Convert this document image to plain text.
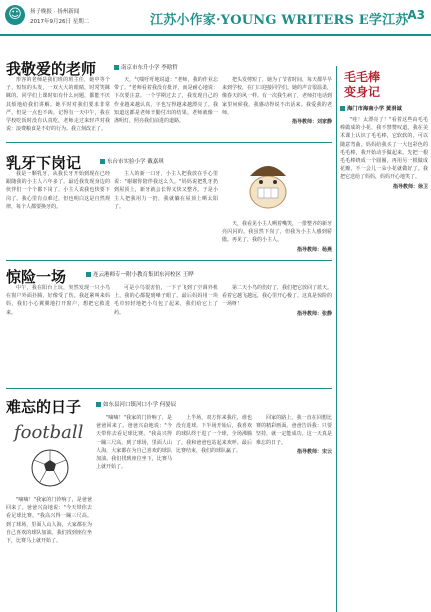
☺	扬子晚报 · 扬州新闻
2017年9月26日 星期二	江苏小作家·YOUNG WRITERS E学江苏
A3
我敬爱的老师	南京市东升小学 李晗哲

形容的老师是我们班的班主任，她中等个子，短短的头发，一双大大的眼睛，时常笑眯眯的。同学们上课时如有什么问题，都能不厌其烦地给我们讲解。她平时对我们要求非常严，但是一点也不凶。记得有一天中午，我在学校吃饭时没有认真吃，老师走过来轻声对我说：浪费粮食是不好的行为。我立刻改正了。

天，气喘吁吁地说道："老师，我的作业忘带了。"老师看着我没有批评，而是耐心地说：下次要注意。一个学期过去了，我发现自己的作业越来越认真，字也写得越来越漂亮了。我知道这都是老师辛勤付出的结果。老师就像一盏明灯，照亮我们前进的道路。

把头发剪短了，她为了节省时间，每天都早早来到学校，在门口迎接同学们。她的声音很温柔，像春天的风一样。有一次我生病了，老师打电话到家里问候我，我感动得说不出话来。我爱我的老师。

指导教师：刘家静
乳牙下岗记	东台市实验小学 戴嘉琪

我是一颗乳牙，从我长牙开始到现在已经跟随我的小主人六年多了。最近我发现身边的伙伴们一个个都下岗了，小主人说我也快要下岗了。我心里有点难过，但也明白这是自然规律，每个人都要换牙的。

主人的新一口牙，小主人把我放在手心里说："谢谢你陪伴我这么久。"妈妈说把乳牙扔到屋顶上，新牙就会长得又快又整齐。于是小主人把我用力一扔，我就躺在屋顶上晒太阳了。

天，我看见小主人咧着嘴笑，一排整齐的新牙亮闪闪的。我虽然下岗了，但我为小主人感到骄傲。再见了，我的小主人。

指导教师：杨燕
惊险一场	连云港师专一附小教育集团东河校区 王晔

中午，我在阳台上玩，突然发现一只小鸟在窗户外面扑腾，好像受了伤。我赶紧叫来妈妈，我们小心翼翼地打开窗户，想把它救进来。

可是小鸟很害怕，一下子飞到了空调外机上，我的心都提到嗓子眼了。最后妈妈用一块毛巾轻轻地把小鸟包了起来，我们给它上了药。

第二天小鸟的伤好了，我们把它放回了蓝天。看着它越飞越远，我心里开心极了。这真是惊险的一场呀！

指导教师：张静
难忘的日子	如东县河口镇河口小学 何晏辰
football

"嘀嘀！"我家的门铃响了，是爸爸回来了。爸爸兴奋地说："今天带你去看足球比赛。"我高兴得一蹦三尺高。到了球场，里面人山人海，大家都在为自己喜欢的球队加油。我们找到座位坐下，比赛马上就开始了。

上半场，双方你来我往，谁也没有进球。下半场开始后，我喜欢的球队终于进了一个球，全场沸腾了，我和爸爸也站起来欢呼。最后比赛结束，我们的球队赢了。

回家的路上，我一直在回想比赛的精彩画面。爸爸告诉我：只要坚持，就一定能成功。这一天真是难忘的日子。

指导教师：宋云

"嘀嘀！"我家的门铃响了，是爸爸回来了。爸爸兴奋地说："今天带你去看足球比赛。"我高兴得一蹦三尺高。到了球场，里面人山人海，大家都在为自己喜欢的球队加油。我们找到座位坐下，比赛马上就开始了。

毛毛棒
变身记
海门市海南小学 黄涓诚

"哇！太漂亮了！"看着这些由毛毛棒做成的小花，我不禁赞叹道。我在美术课上认识了毛毛棒，它软软的，可以随意弯曲。妈妈给我买了一大包彩色的毛毛棒，我开始动手做起来。先把一根毛毛棒绕成一个圆圈，再用另一根做成花瓣，不一会儿一朵小花就做好了。我把它送给了妈妈，妈妈开心地笑了。

指导教师：徐卫
